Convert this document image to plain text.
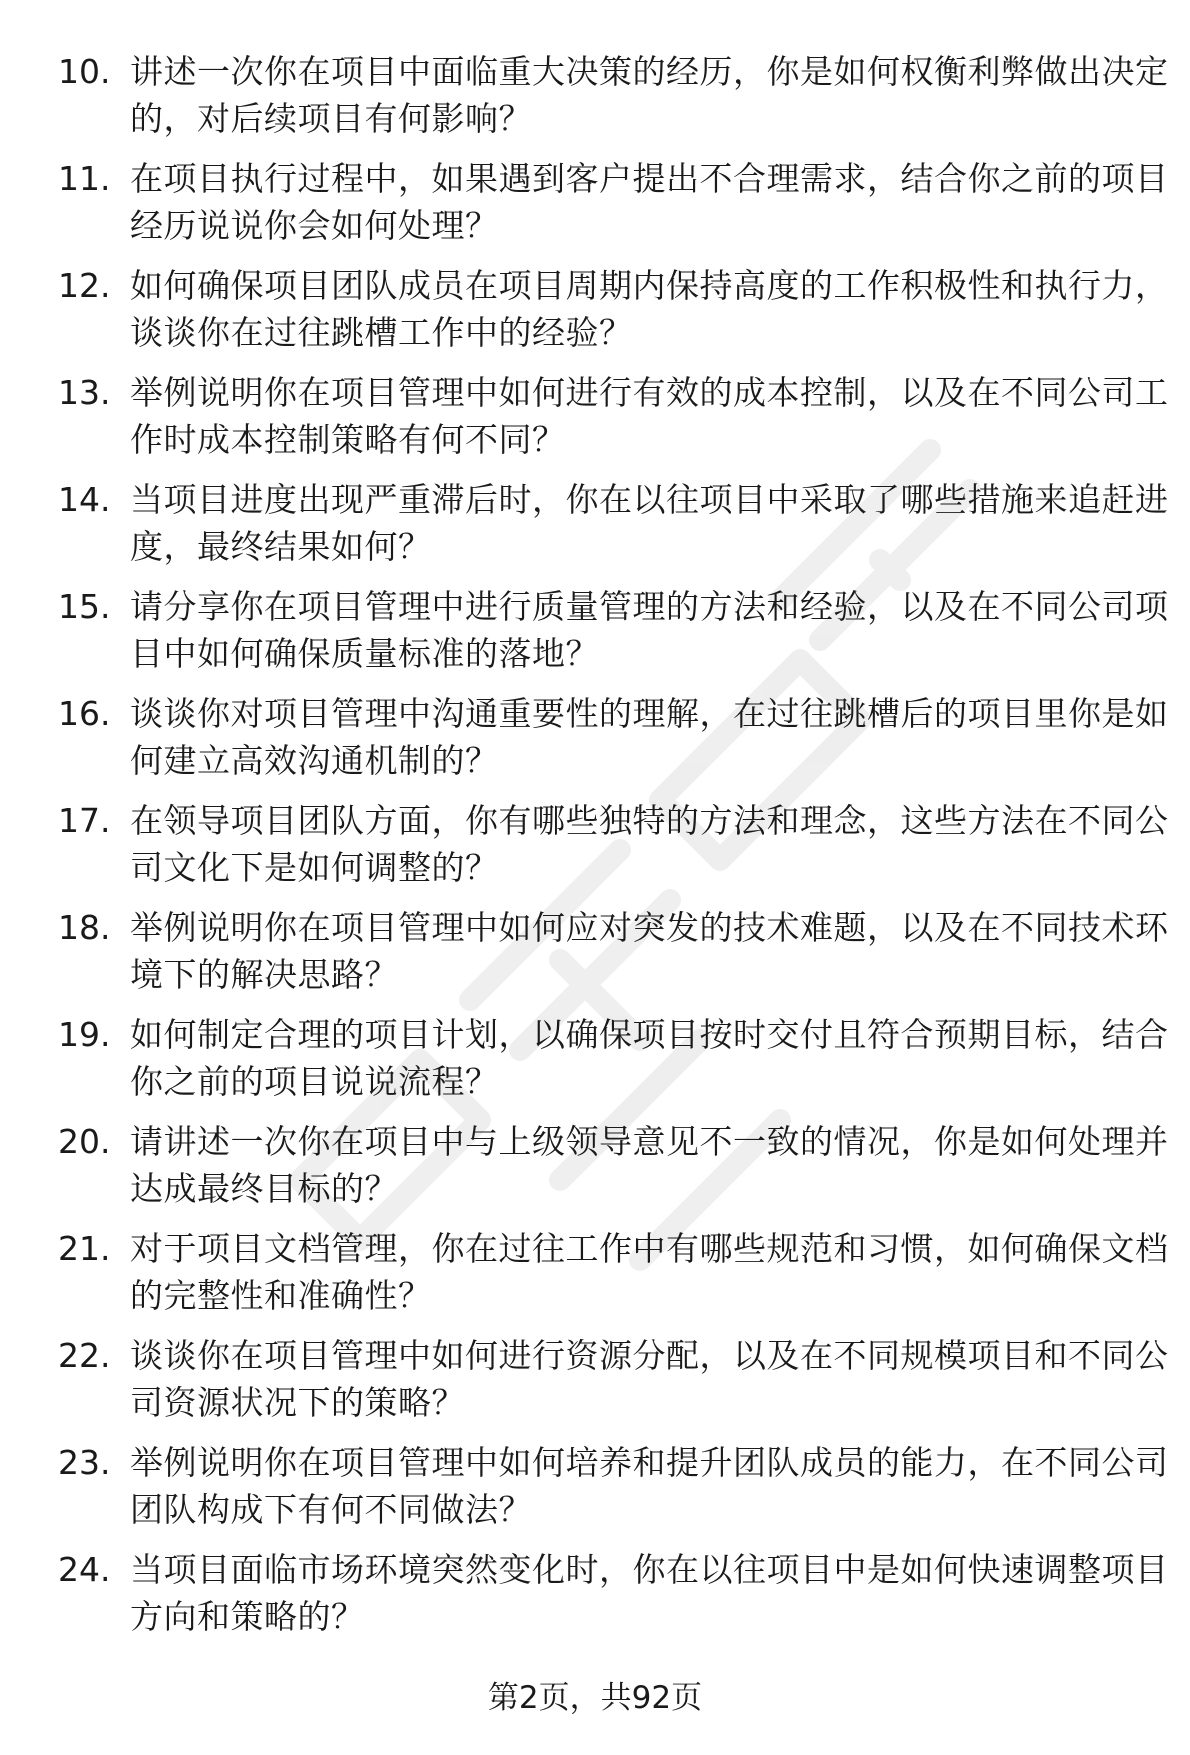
10. 讲述一次你在项目中面临重大决策的经历，你是如何权衡利弊做出决定的，对后续项目有何影响？
11. 在项目执行过程中，如果遇到客户提出不合理需求，结合你之前的项目经历说说你会如何处理？
12. 如何确保项目团队成员在项目周期内保持高度的工作积极性和执行力，谈谈你在过往跳槽工作中的经验？
13. 举例说明你在项目管理中如何进行有效的成本控制，以及在不同公司工作时成本控制策略有何不同？
14. 当项目进度出现严重滞后时，你在以往项目中采取了哪些措施来追赶进度，最终结果如何？
15. 请分享你在项目管理中进行质量管理的方法和经验，以及在不同公司项目中如何确保质量标准的落地？
16. 谈谈你对项目管理中沟通重要性的理解，在过往跳槽后的项目里你是如何建立高效沟通机制的？
17. 在领导项目团队方面，你有哪些独特的方法和理念，这些方法在不同公司文化下是如何调整的？
18. 举例说明你在项目管理中如何应对突发的技术难题，以及在不同技术环境下的解决思路？
19. 如何制定合理的项目计划，以确保项目按时交付且符合预期目标，结合你之前的项目说说流程？
20. 请讲述一次你在项目中与上级领导意见不一致的情况，你是如何处理并达成最终目标的？
21. 对于项目文档管理，你在过往工作中有哪些规范和习惯，如何确保文档的完整性和准确性？
22. 谈谈你在项目管理中如何进行资源分配，以及在不同规模项目和不同公司资源状况下的策略？
23. 举例说明你在项目管理中如何培养和提升团队成员的能力，在不同公司团队构成下有何不同做法？
24. 当项目面临市场环境突然变化时，你在以往项目中是如何快速调整项目方向和策略的？
第2页，共92页
